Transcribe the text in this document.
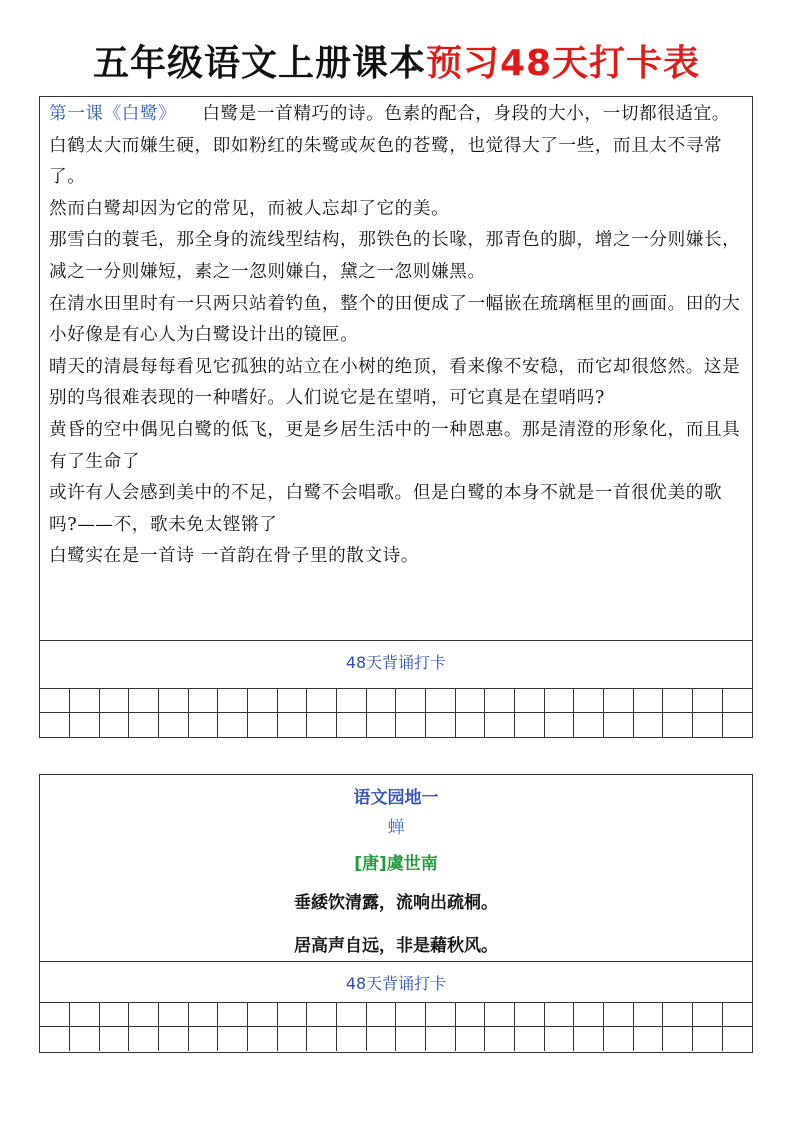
五年级语文上册课本预习48天打卡表

第一课《白鹭》 白鹭是一首精巧的诗。色素的配合，身段的大小，一切都很适宜。

白鹤太大而嫌生硬，即如粉红的朱鹭或灰色的苍鹭，也觉得大了一些，而且太不寻常了。

然而白鹭却因为它的常见，而被人忘却了它的美。

那雪白的蓑毛，那全身的流线型结构，那铁色的长喙，那青色的脚，增之一分则嫌长，减之一分则嫌短，素之一忽则嫌白，黛之一忽则嫌黑。

在清水田里时有一只两只站着钓鱼，整个的田便成了一幅嵌在琉璃框里的画面。田的大小好像是有心人为白鹭设计出的镜匣。

晴天的清晨每每看见它孤独的站立在小树的绝顶，看来像不安稳，而它却很悠然。这是别的鸟很难表现的一种嗜好。人们说它是在望哨，可它真是在望哨吗?

黄昏的空中偶见白鹭的低飞，更是乡居生活中的一种恩惠。那是清澄的形象化，而且具有了生命了

或许有人会感到美中的不足，白鹭不会唱歌。但是白鹭的本身不就是一首很优美的歌吗?——不，歌未免太铿锵了

白鹭实在是一首诗 一首韵在骨子里的散文诗。

48天背诵打卡

语文园地一
蝉
[唐]虞世南
垂緌饮清露，流响出疏桐。
居高声自远，非是藉秋风。
48天背诵打卡
